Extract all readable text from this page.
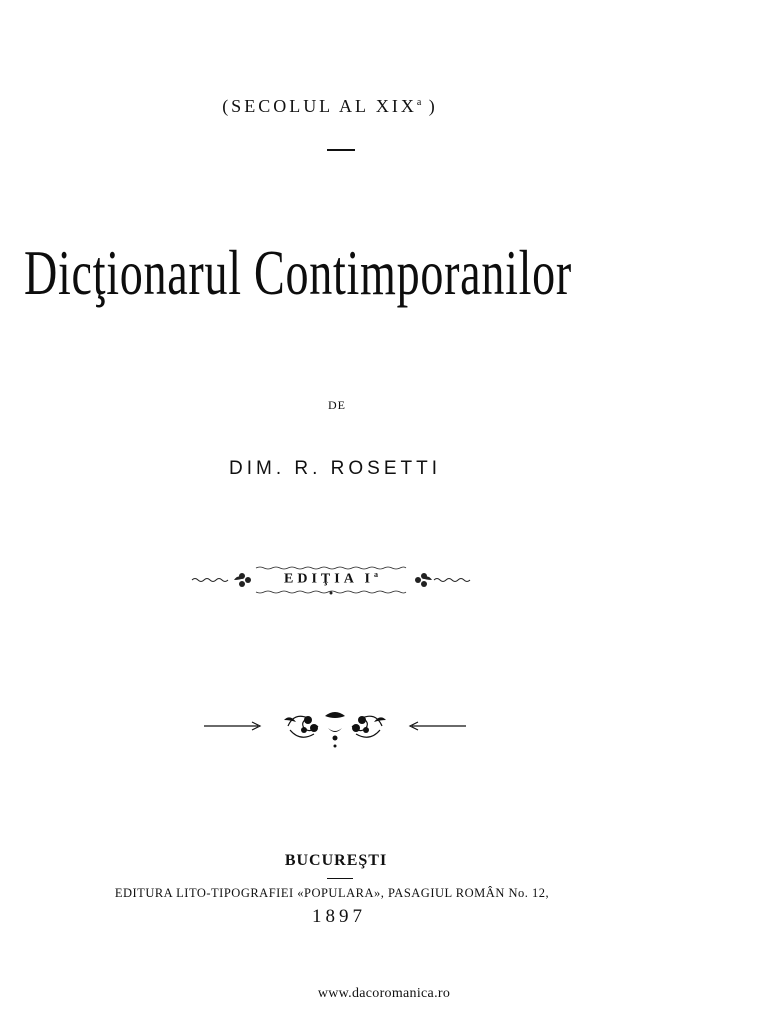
(SECOLUL AL XIX$^a$ )
Dicţionarul Contimporanilor
DE
DIM. R. ROSETTI
EDIŢIA $I^a$
BUCUREŞTI
EDITURA LITO-TIPOGRAFIEI «POPULARA», PASAGIUL ROMÂN No. 12,
1897
www.dacoromanica.ro
